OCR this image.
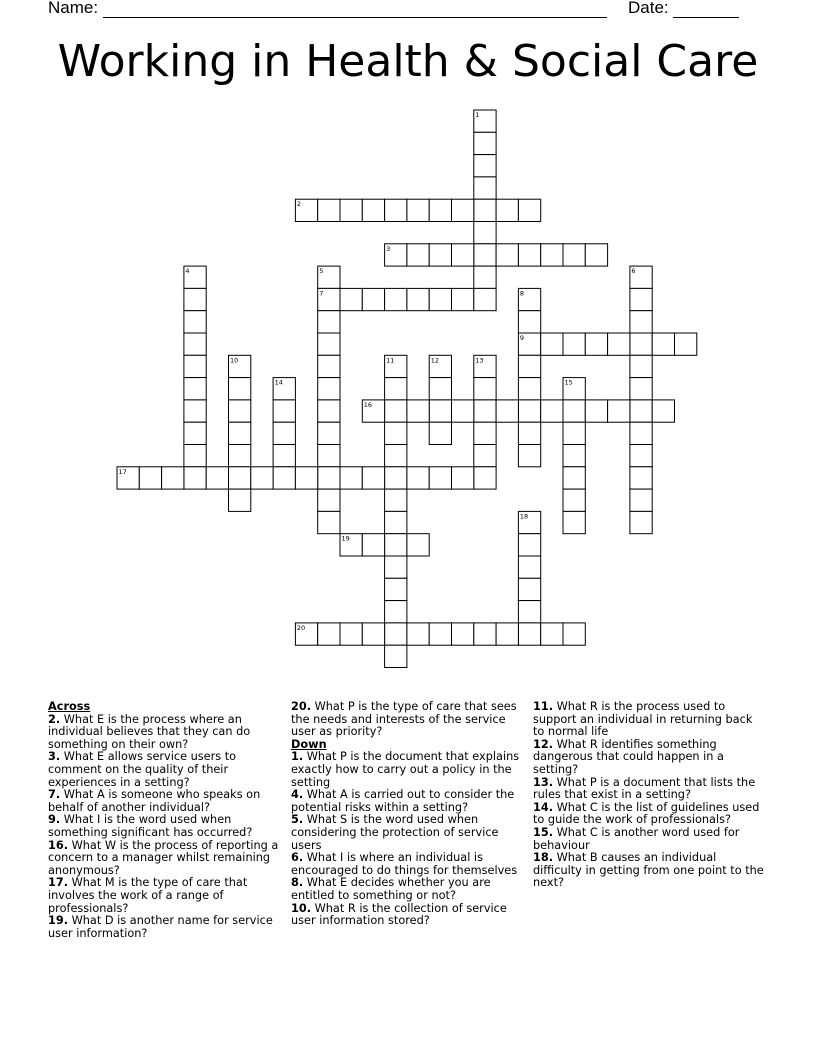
Name:	Date:
Working in Health & Social Care
1
2
3
4	5	6
7	8
9
10	11	12	13
14	15
16
17
18
19
20
Across
2. What E is the process where an individual believes that they can do something on their own?
3. What E allows service users to comment on the quality of their experiences in a setting?
7. What A is someone who speaks on behalf of another individual?
9. What I is the word used when something significant has occurred?
16. What W is the process of reporting a concern to a manager whilst remaining anonymous?
17. What M is the type of care that involves the work of a range of professionals?
19. What D is another name for service user information?
20. What P is the type of care that sees the needs and interests of the service user as priority?
Down
1. What P is the document that explains exactly how to carry out a policy in the setting
4. What A is carried out to consider the potential risks within a setting?
5. What S is the word used when considering the protection of service users
6. What I is where an individual is encouraged to do things for themselves
8. What E decides whether you are entitled to something or not?
10. What R is the collection of service user information stored?
11. What R is the process used to support an individual in returning back to normal life
12. What R identifies something dangerous that could happen in a setting?
13. What P is a document that lists the rules that exist in a setting?
14. What C is the list of guidelines used to guide the work of professionals?
15. What C is another word used for behaviour
18. What B causes an individual difficulty in getting from one point to the next?
